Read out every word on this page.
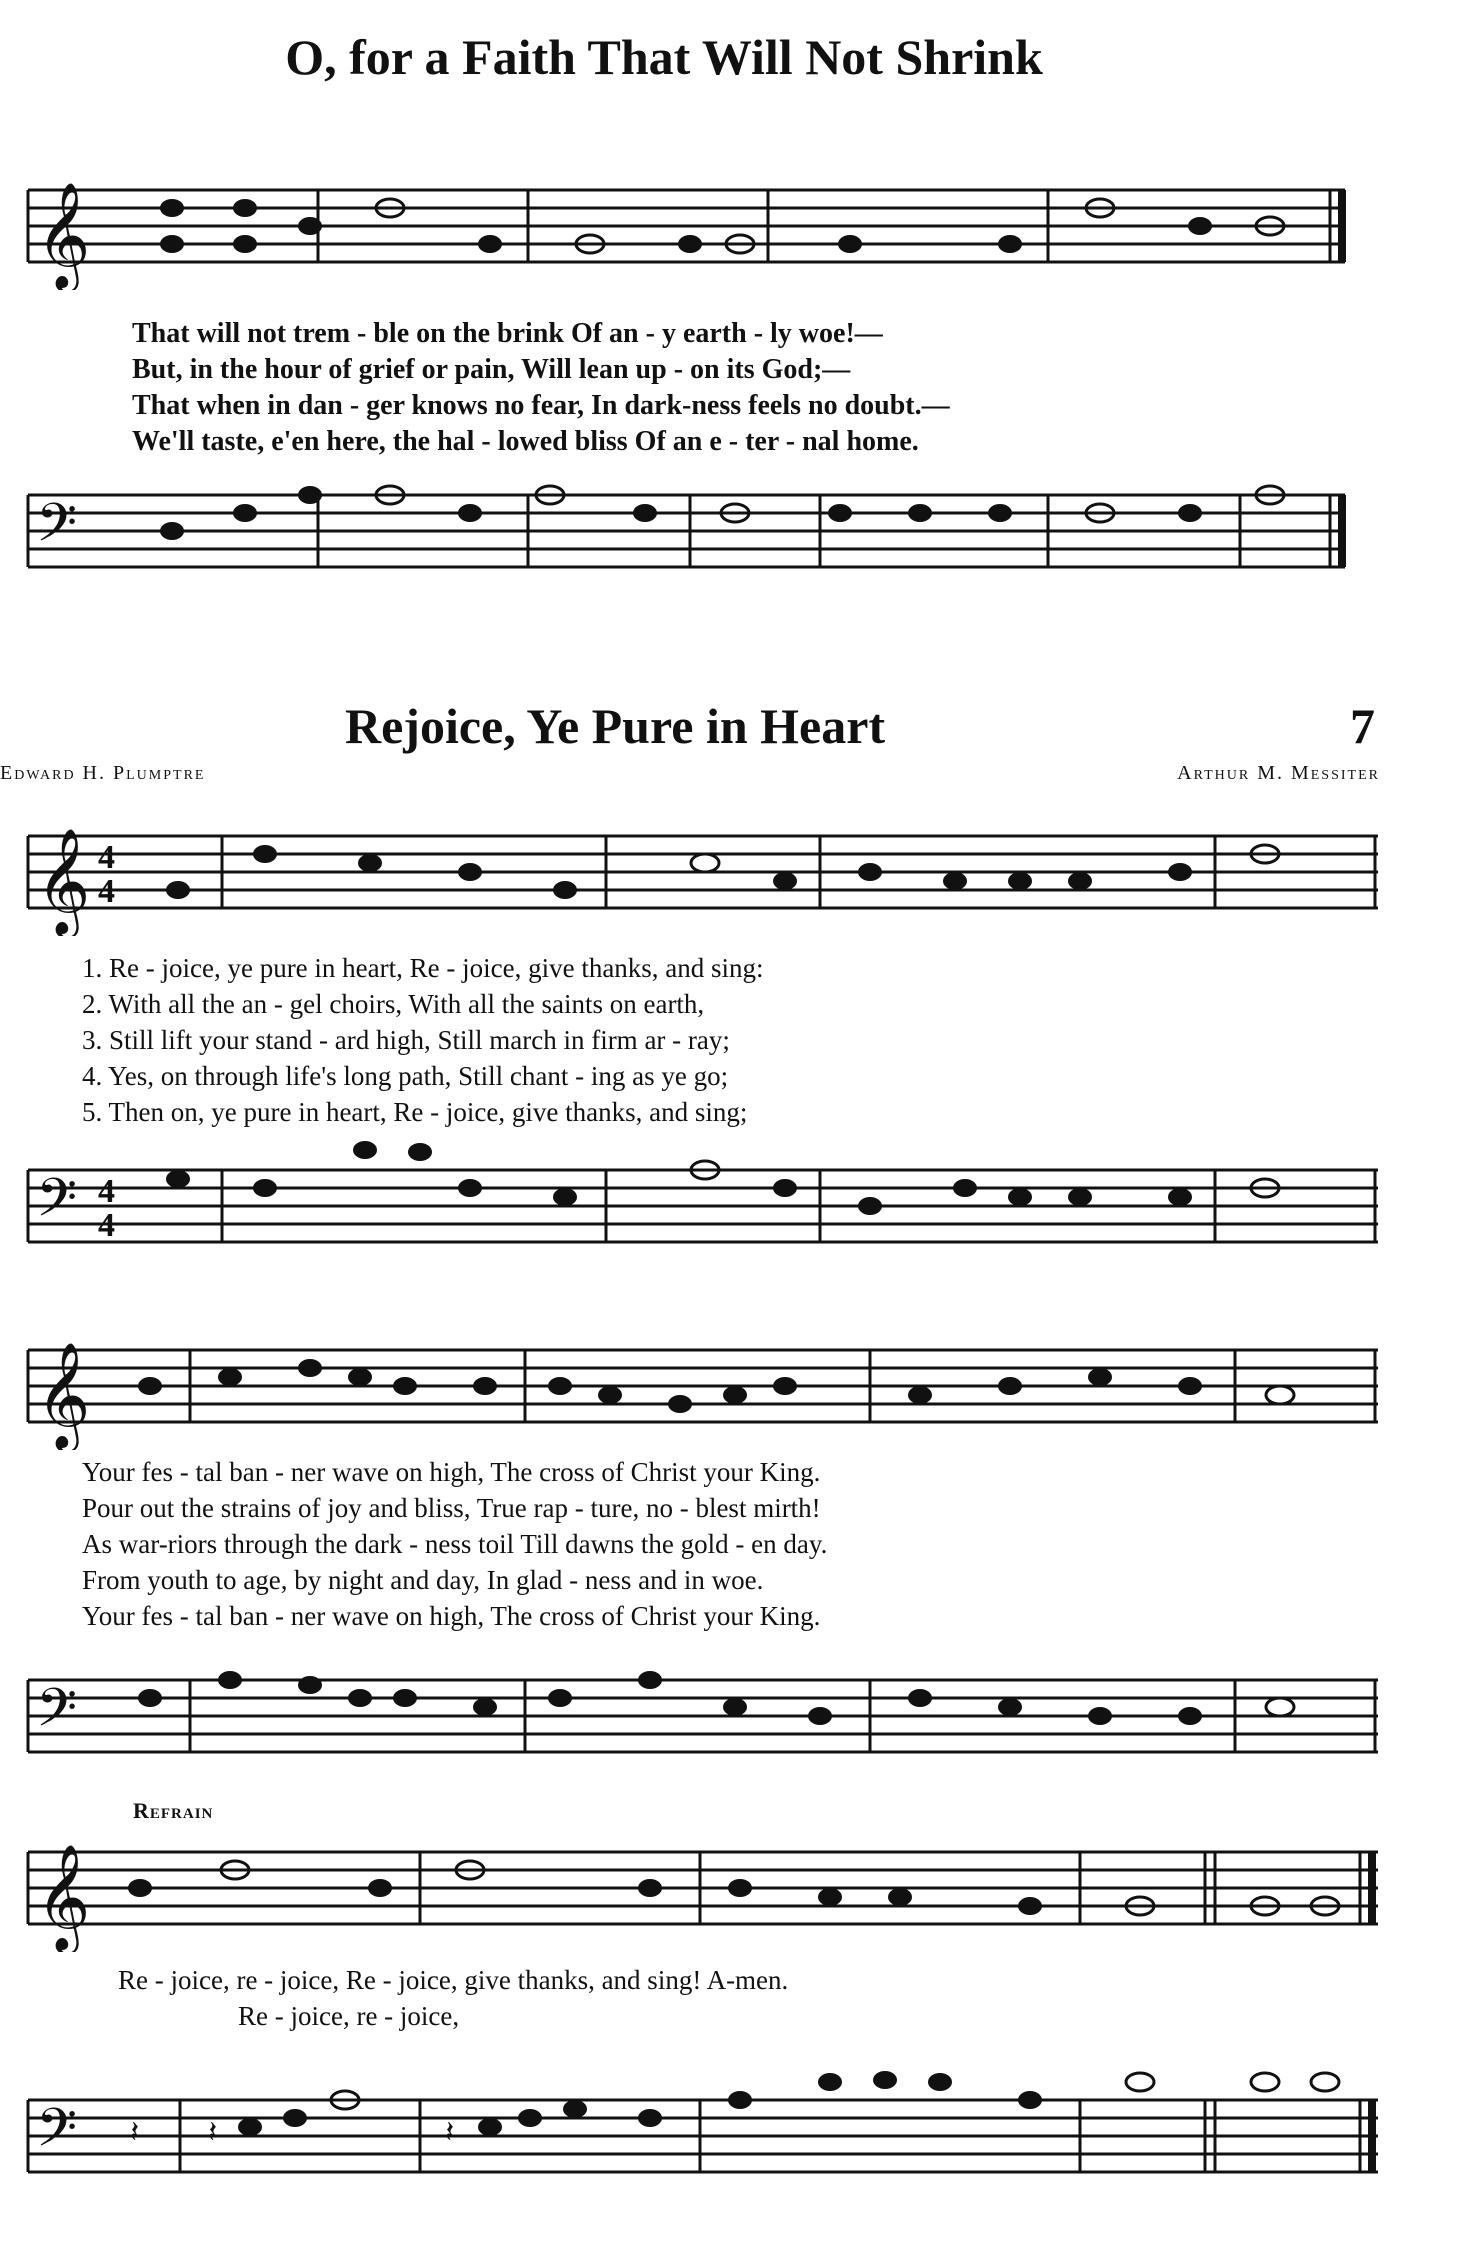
O, for a Faith That Will Not Shrink
𝄞
That will not trem - ble on the brink Of an - y earth - ly woe!—
But, in the hour of grief or pain, Will lean up - on its God;—
That when in dan - ger knows no fear, In dark-ness feels no doubt.—
We'll taste, e'en here, the hal - lowed bliss Of an e - ter - nal home.
𝄢
Rejoice, Ye Pure in Heart	7
Edward H. Plumptre	Arthur M. Messiter
𝄞 4
4
1. Re - joice, ye pure in heart, Re - joice, give thanks, and sing:
2. With all the an - gel choirs, With all the saints on earth,
3. Still lift your stand - ard high, Still march in firm ar - ray;
4. Yes, on through life's long path, Still chant - ing as ye go;
5. Then on, ye pure in heart, Re - joice, give thanks, and sing;
𝄢 4
4
𝄞
Your fes - tal ban - ner wave on high, The cross of Christ your King.
Pour out the strains of joy and bliss, True rap - ture, no - blest mirth!
As war-riors through the dark - ness toil Till dawns the gold - en day.
From youth to age, by night and day, In glad - ness and in woe.
Your fes - tal ban - ner wave on high, The cross of Christ your King.
𝄢
Refrain
𝄞
Re - joice, re - joice, Re - joice, give thanks, and sing! A-men.
Re - joice, re - joice,
𝄢 𝄽 𝄽	𝄽
